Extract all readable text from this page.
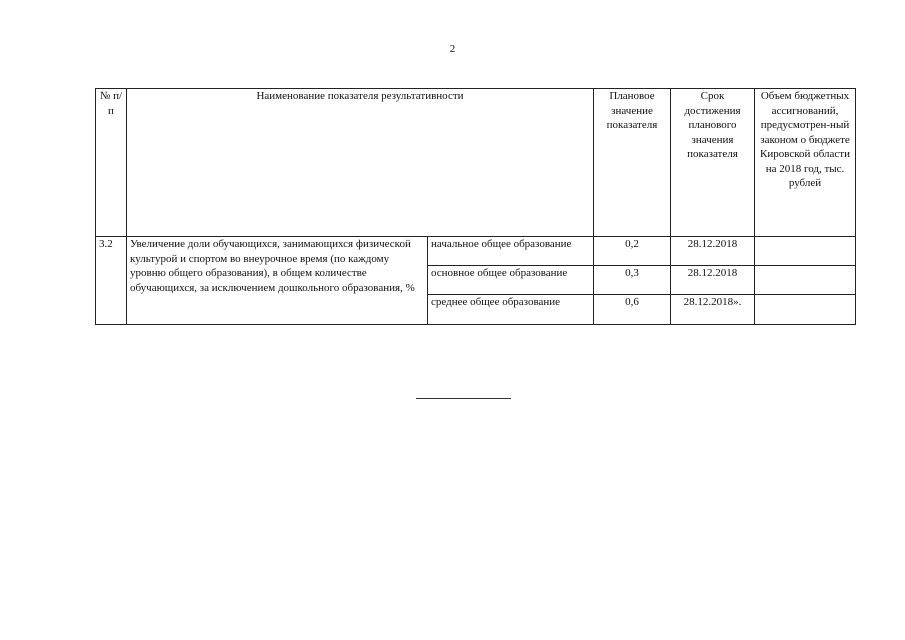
2
№ п/п	Наименование показателя результативности		Плановое значение показателя	Срок достижения планового значения показателя	Объем бюджетных ассигнований, предусмотрен-ный законом о бюджете Кировской области на 2018 год, тыс. рублей
3.2	Увеличение доли обучающихся, занимающихся физической культурой и спортом во внеурочное время (по каждому уровню общего образования), в общем количестве обучающихся, за исключением дошкольного образования, %	начальное общее образование	0,2	28.12.2018	
		основное общее образование	0,3	28.12.2018	
		среднее общее образование	0,6	28.12.2018».	
